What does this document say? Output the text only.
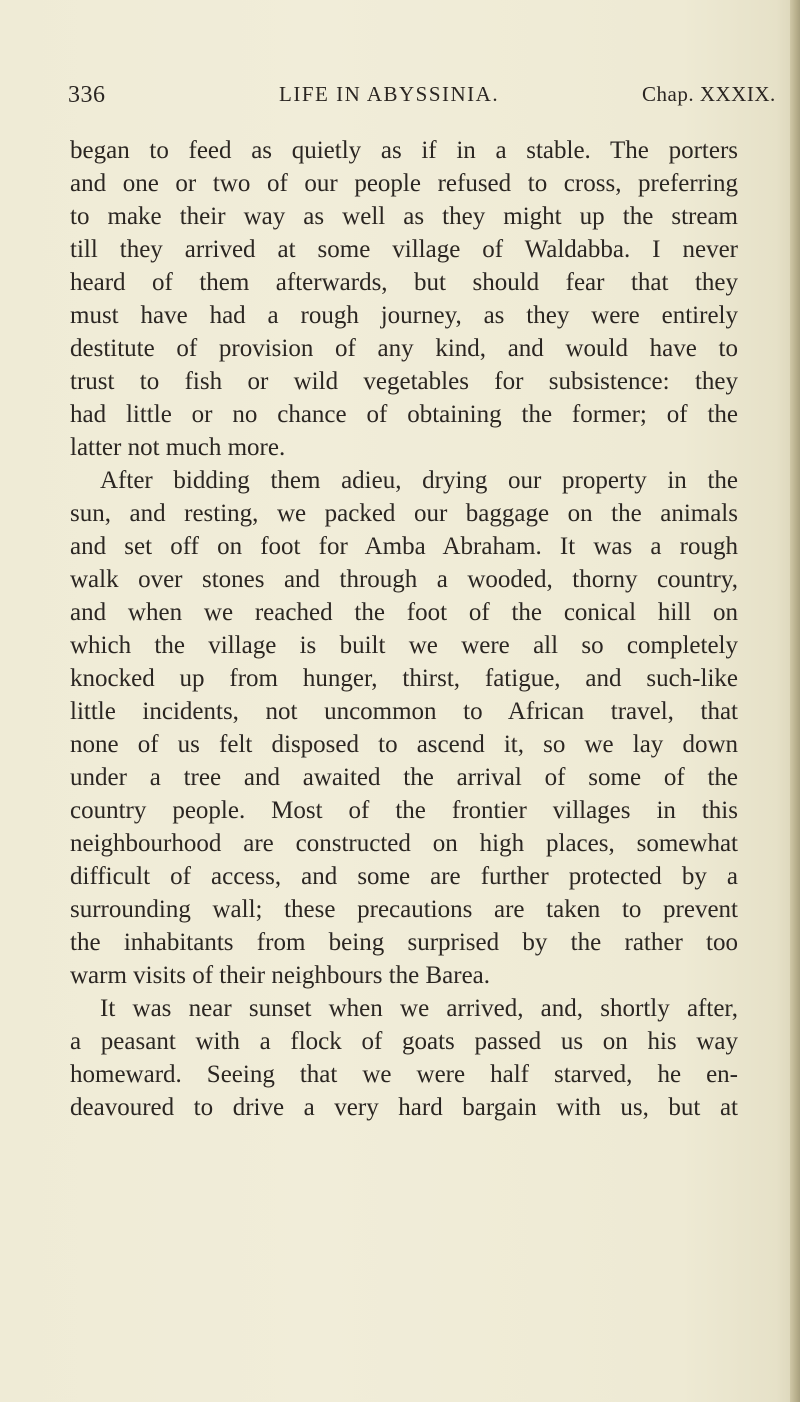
336	LIFE IN ABYSSINIA.	Chap. XXXIX.
began to feed as quietly as if in a stable. The porters
and one or two of our people refused to cross, preferring
to make their way as well as they might up the stream
till they arrived at some village of Waldabba. I never
heard of them afterwards, but should fear that they
must have had a rough journey, as they were entirely
destitute of provision of any kind, and would have to
trust to fish or wild vegetables for subsistence: they
had little or no chance of obtaining the former; of the
latter not much more.
After bidding them adieu, drying our property in the
sun, and resting, we packed our baggage on the animals
and set off on foot for Amba Abraham. It was a rough
walk over stones and through a wooded, thorny country,
and when we reached the foot of the conical hill on
which the village is built we were all so completely
knocked up from hunger, thirst, fatigue, and such-like
little incidents, not uncommon to African travel, that
none of us felt disposed to ascend it, so we lay down
under a tree and awaited the arrival of some of the
country people. Most of the frontier villages in this
neighbourhood are constructed on high places, somewhat
difficult of access, and some are further protected by a
surrounding wall; these precautions are taken to prevent
the inhabitants from being surprised by the rather too
warm visits of their neighbours the Barea.
It was near sunset when we arrived, and, shortly after,
a peasant with a flock of goats passed us on his way
homeward. Seeing that we were half starved, he en-
deavoured to drive a very hard bargain with us, but at
